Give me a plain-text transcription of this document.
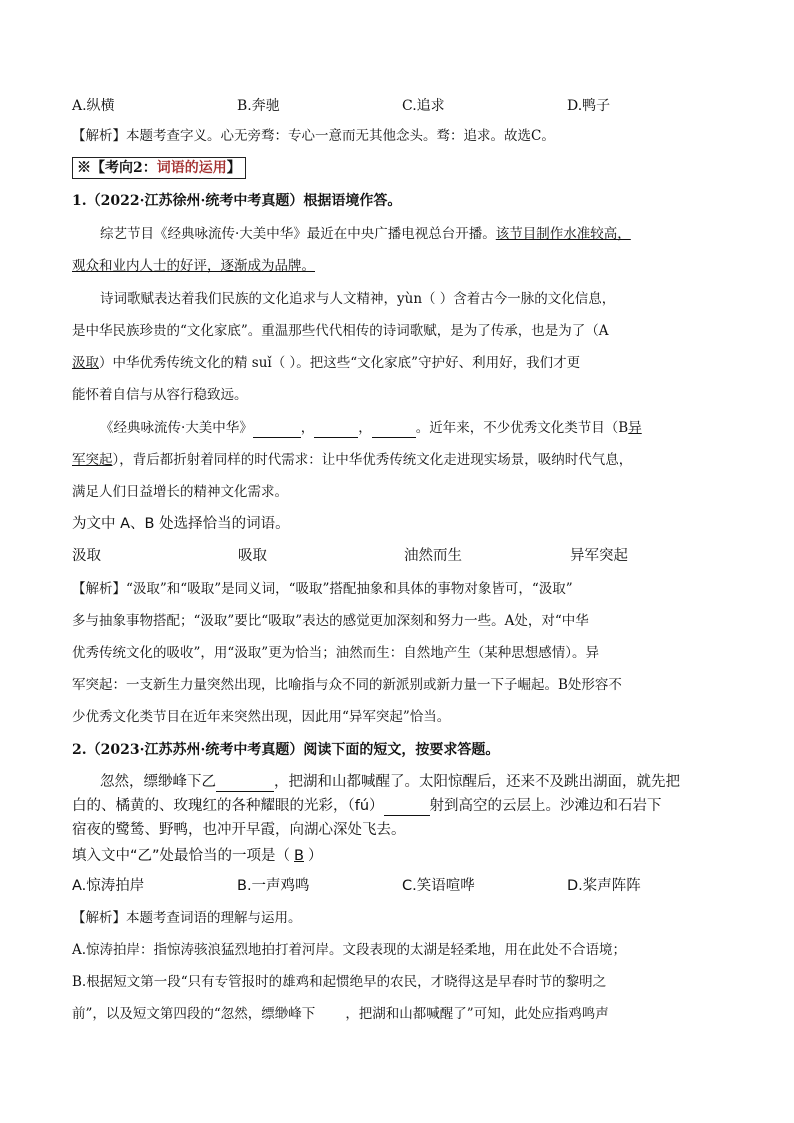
A.纵横	B.奔驰	C.追求	D.鸭子
【解析】本题考查字义。心无旁骛：专心一意而无其他念头。骛：追求。故选C。
※【考向2：词语的运用】
1.（2022·江苏徐州·统考中考真题）根据语境作答。
综艺节目《经典咏流传·大美中华》最近在中央广播电视总台开播。该节目制作水准较高，
观众和业内人士的好评，逐渐成为品牌。
诗词歌赋表达着我们民族的文化追求与人文精神，yùn（ ）含着古今一脉的文化信息，
是中华民族珍贵的“文化家底”。重温那些代代相传的诗词歌赋，是为了传承，也是为了（A
汲取）中华优秀传统文化的精 suǐ（ ）。把这些“文化家底”守护好、利用好，我们才更
能怀着自信与从容行稳致远。
《经典咏流传·大美中华》	，	，	。近年来，不少优秀文化类节目（B异
军突起），背后都折射着同样的时代需求：让中华优秀传统文化走进现实场景，吸纳时代气息，
满足人们日益增长的精神文化需求。
为文中 A、B 处选择恰当的词语。
汲取	吸取	油然而生	异军突起
【解析】“汲取”和“吸取”是同义词，“吸取”搭配抽象和具体的事物对象皆可，“汲取”
多与抽象事物搭配；“汲取”要比“吸取”表达的感觉更加深刻和努力一些。A处，对“中华
优秀传统文化的吸收”，用“汲取”更为恰当；油然而生：自然地产生（某种思想感情）。异
军突起：一支新生力量突然出现，比喻指与众不同的新派别或新力量一下子崛起。B处形容不
少优秀文化类节目在近年来突然出现，因此用“异军突起”恰当。
2.（2023·江苏苏州·统考中考真题）阅读下面的短文，按要求答题。
忽然，缥缈峰下乙	，把湖和山都喊醒了。太阳惊醒后，还来不及跳出湖面，就先把
白的、橘黄的、玫瑰红的各种耀眼的光彩，（fú）	射到高空的云层上。沙滩边和石岩下
宿夜的鹭鸶、野鸭，也冲开早霞，向湖心深处飞去。
填入文中“乙”处最恰当的一项是（ B ）
A.惊涛拍岸	B.一声鸡鸣	C.笑语喧哗	D.桨声阵阵
【解析】本题考查词语的理解与运用。
A.惊涛拍岸：指惊涛骇浪猛烈地拍打着河岸。文段表现的太湖是轻柔地，用在此处不合语境；
B.根据短文第一段“只有专管报时的雄鸡和起惯绝早的农民，才晓得这是早春时节的黎明之
前”，以及短文第四段的“忽然，缥缈峰下 ，把湖和山都喊醒了”可知，此处应指鸡鸣声
